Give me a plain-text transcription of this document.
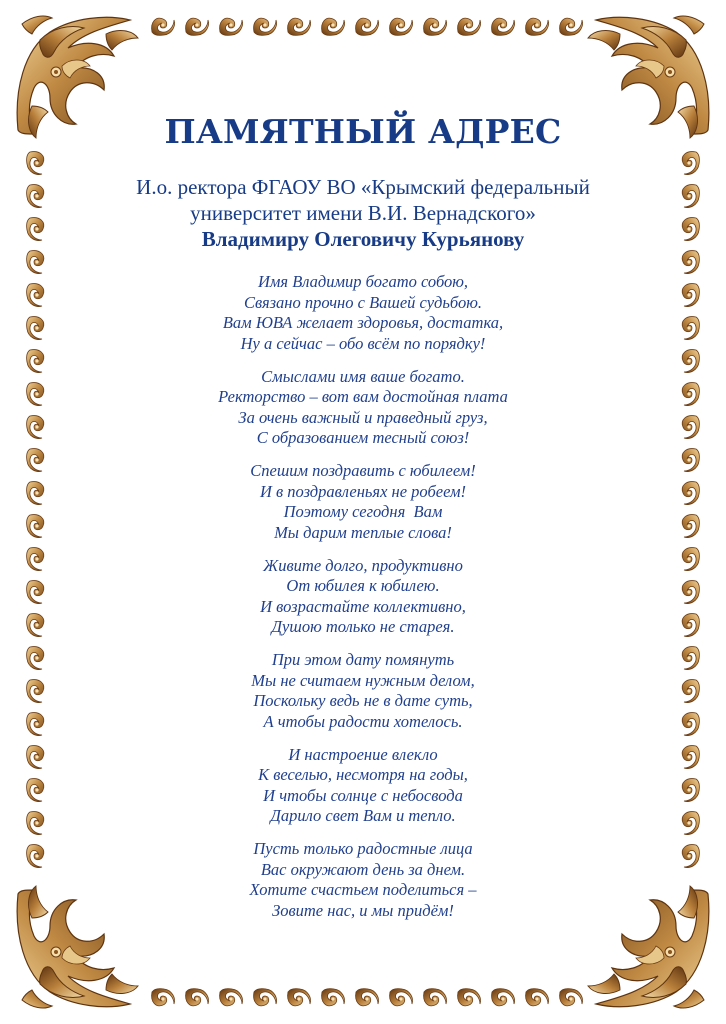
ПАМЯТНЫЙ АДРЕС
И.о. ректора ФГАОУ ВО «Крымский федеральный
университет имени В.И. Вернадского»
Владимиру Олеговичу Курьянову
Имя Владимир богато собою,
Связано прочно с Вашей судьбою.
Вам ЮВА желает здоровья, достатка,
Ну а сейчас – обо всём по порядку!
Смыслами имя ваше богато.
Ректорство – вот вам достойная плата
За очень важный и праведный груз,
С образованием тесный союз!
Спешим поздравить с юбилеем!
И в поздравленьях не робеем!
Поэтому сегодня  Вам
Мы дарим теплые слова!
Живите долго, продуктивно
От юбилея к юбилею.
И возрастайте коллективно,
Душою только не старея.
При этом дату помянуть
Мы не считаем нужным делом,
Поскольку ведь не в дате суть,
А чтобы радости хотелось.
И настроение влекло
К веселью, несмотря на годы,
И чтобы солнце с небосвода
Дарило свет Вам и тепло.
Пусть только радостные лица
Вас окружают день за днем.
Хотите счастьем поделиться –
Зовите нас, и мы придём!
